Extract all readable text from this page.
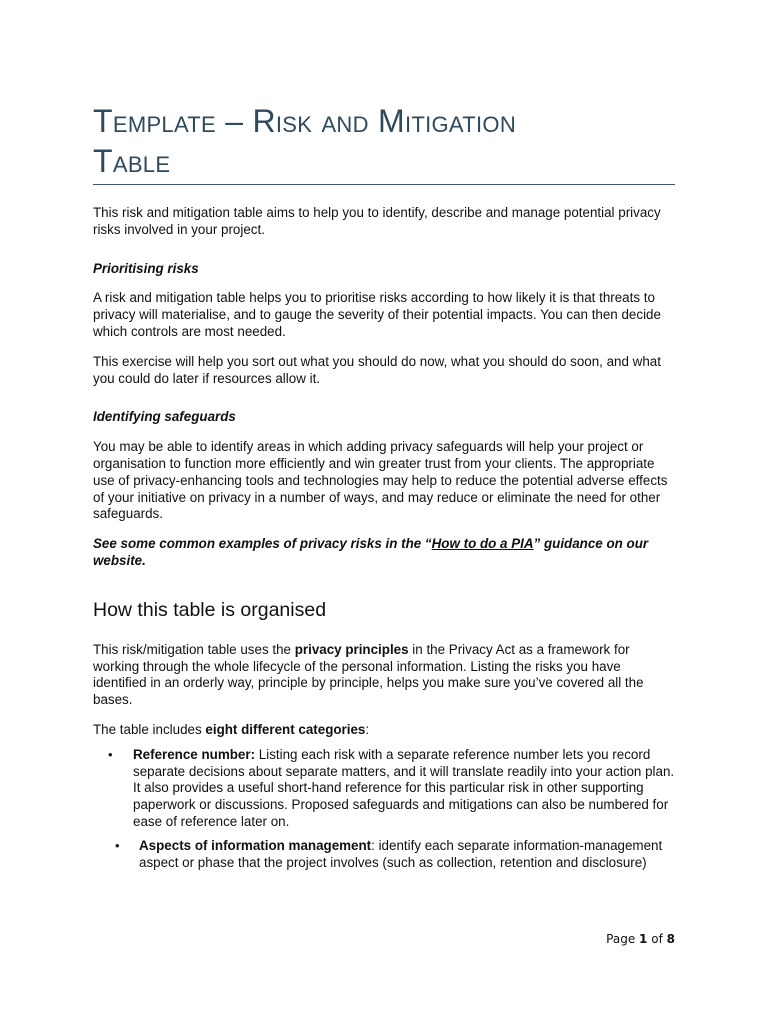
Template – Risk and Mitigation
Table

This risk and mitigation table aims to help you to identify, describe and manage potential privacy risks involved in your project.

Prioritising risks

A risk and mitigation table helps you to prioritise risks according to how likely it is that threats to privacy will materialise, and to gauge the severity of their potential impacts. You can then decide which controls are most needed.

This exercise will help you sort out what you should do now, what you should do soon, and what you could do later if resources allow it.

Identifying safeguards

You may be able to identify areas in which adding privacy safeguards will help your project or organisation to function more efficiently and win greater trust from your clients. The appropriate use of privacy-enhancing tools and technologies may help to reduce the potential adverse effects of your initiative on privacy in a number of ways, and may reduce or eliminate the need for other safeguards.

See some common examples of privacy risks in the “How to do a PIA” guidance on our website.

How this table is organised

This risk/mitigation table uses the privacy principles in the Privacy Act as a framework for working through the whole lifecycle of the personal information. Listing the risks you have identified in an orderly way, principle by principle, helps you make sure you’ve covered all the bases.

The table includes eight different categories:

• Reference number: Listing each risk with a separate reference number lets you record separate decisions about separate matters, and it will translate readily into your action plan. It also provides a useful short-hand reference for this particular risk in other supporting paperwork or discussions. Proposed safeguards and mitigations can also be numbered for ease of reference later on.
• Aspects of information management: identify each separate information-management aspect or phase that the project involves (such as collection, retention and disclosure)
Page 1 of 8
